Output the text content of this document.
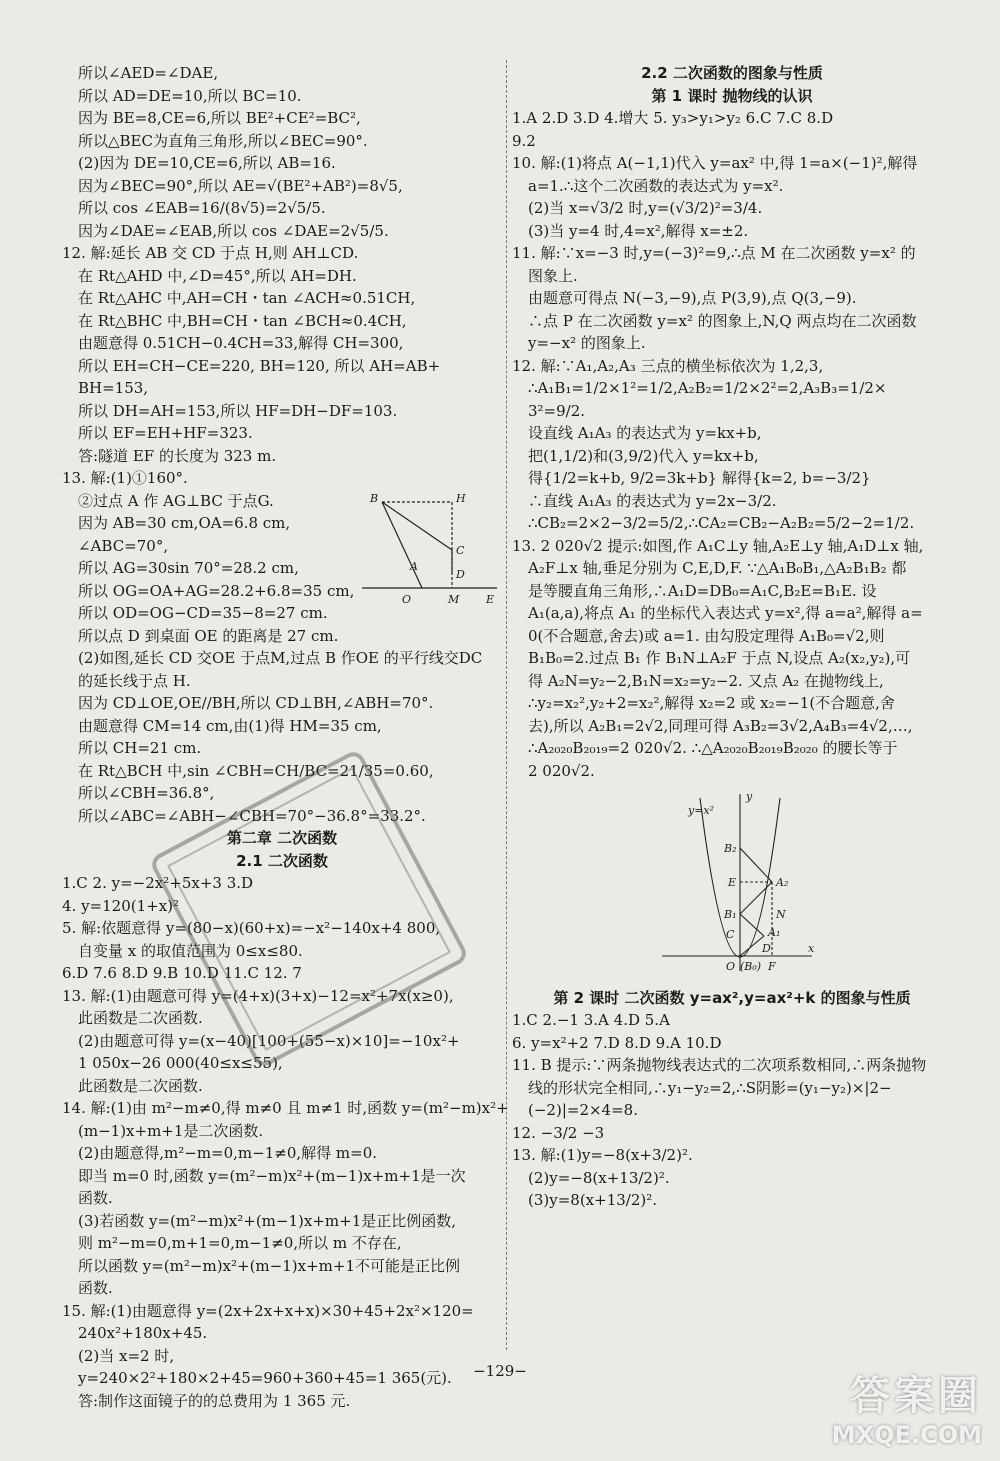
所以∠AED=∠DAE,
所以 AD=DE=10,所以 BC=10.
因为 BE=8,CE=6,所以 BE²+CE²=BC²,
所以△BEC为直角三角形,所以∠BEC=90°.
(2)因为 DE=10,CE=6,所以 AB=16.
因为∠BEC=90°,所以 AE=√(BE²+AB²)=8√5,
所以 cos ∠EAB=16/(8√5)=2√5/5.
因为∠DAE=∠EAB,所以 cos ∠DAE=2√5/5.
12. 解:延长 AB 交 CD 于点 H,则 AH⊥CD.
在 Rt△AHD 中,∠D=45°,所以 AH=DH.
在 Rt△AHC 中,AH=CH・tan ∠ACH≈0.51CH,
在 Rt△BHC 中,BH=CH・tan ∠BCH≈0.4CH,
由题意得 0.51CH−0.4CH=33,解得 CH=300,
所以 EH=CH−CE=220, BH=120, 所以 AH=AB+
BH=153,
所以 DH=AH=153,所以 HF=DH−DF=103.
所以 EF=EH+HF=323.
答:隧道 EF 的长度为 323 m.
13. 解:(1)①160°.
②过点 A 作 AG⊥BC 于点G.
因为 AB=30 cm,OA=6.8 cm,
∠ABC=70°,
所以 AG=30sin 70°=28.2 cm,
所以 OG=OA+AG=28.2+6.8=35 cm,
所以 OD=OG−CD=35−8=27 cm.
所以点 D 到桌面 OE 的距离是 27 cm.
(2)如图,延长 CD 交OE 于点M,过点 B 作OE 的平行线交DC
的延长线于点 H.
因为 CD⊥OE,OE//BH,所以 CD⊥BH,∠ABH=70°.
由题意得 CM=14 cm,由(1)得 HM=35 cm,
所以 CH=21 cm.
在 Rt△BCH 中,sin ∠CBH=CH/BC=21/35=0.60,
所以∠CBH=36.8°,
所以∠ABC=∠ABH−∠CBH=70°−36.8°=33.2°.
第二章 二次函数
2.1 二次函数
1.C 2. y=−2x²+5x+3 3.D
4. y=120(1+x)²
5. 解:依题意得 y=(80−x)(60+x)=−x²−140x+4 800,
自变量 x 的取值范围为 0≤x≤80.
6.D 7.6 8.D 9.B 10.D 11.C 12. 7
13. 解:(1)由题意可得 y=(4+x)(3+x)−12=x²+7x(x≥0),
此函数是二次函数.
(2)由题意可得 y=(x−40)[100+(55−x)×10]=−10x²+
1 050x−26 000(40≤x≤55),
此函数是二次函数.
14. 解:(1)由 m²−m≠0,得 m≠0 且 m≠1 时,函数 y=(m²−m)x²+
(m−1)x+m+1是二次函数.
(2)由题意得,m²−m=0,m−1≠0,解得 m=0.
即当 m=0 时,函数 y=(m²−m)x²+(m−1)x+m+1是一次
函数.
(3)若函数 y=(m²−m)x²+(m−1)x+m+1是正比例函数,
则 m²−m=0,m+1=0,m−1≠0,所以 m 不存在,
所以函数 y=(m²−m)x²+(m−1)x+m+1不可能是正比例
函数.
15. 解:(1)由题意得 y=(2x+2x+x+x)×30+45+2x²×120=
240x²+180x+45.
(2)当 x=2 时,
y=240×2²+180×2+45=960+360+45=1 365(元).
答:制作这面镜子的的总费用为 1 365 元.
2.2 二次函数的图象与性质
第 1 课时 抛物线的认识
1.A 2.D 3.D 4.增大 5. y₃>y₁>y₂ 6.C 7.C 8.D
9.2
10. 解:(1)将点 A(−1,1)代入 y=ax² 中,得 1=a×(−1)²,解得
a=1.∴这个二次函数的表达式为 y=x².
(2)当 x=√3/2 时,y=(√3/2)²=3/4.
(3)当 y=4 时,4=x²,解得 x=±2.
11. 解:∵x=−3 时,y=(−3)²=9,∴点 M 在二次函数 y=x² 的
图象上.
由题意可得点 N(−3,−9),点 P(3,9),点 Q(3,−9).
∴点 P 在二次函数 y=x² 的图象上,N,Q 两点均在二次函数
y=−x² 的图象上.
12. 解:∵A₁,A₂,A₃ 三点的横坐标依次为 1,2,3,
∴A₁B₁=1/2×1²=1/2,A₂B₂=1/2×2²=2,A₃B₃=1/2×
3²=9/2.
设直线 A₁A₃ 的表达式为 y=kx+b,
把(1,1/2)和(3,9/2)代入 y=kx+b,
得{1/2=k+b, 9/2=3k+b} 解得{k=2, b=−3/2}
∴直线 A₁A₃ 的表达式为 y=2x−3/2.
∴CB₂=2×2−3/2=5/2,∴CA₂=CB₂−A₂B₂=5/2−2=1/2.
13. 2 020√2 提示:如图,作 A₁C⊥y 轴,A₂E⊥y 轴,A₁D⊥x 轴,
A₂F⊥x 轴,垂足分别为 C,E,D,F. ∵△A₁B₀B₁,△A₂B₁B₂ 都
是等腰直角三角形,∴A₁D=DB₀=A₁C,B₂E=B₁E. 设
A₁(a,a),将点 A₁ 的坐标代入表达式 y=x²,得 a=a²,解得 a=
0(不合题意,舍去)或 a=1. 由勾股定理得 A₁B₀=√2,则
B₁B₀=2.过点 B₁ 作 B₁N⊥A₂F 于点 N,设点 A₂(x₂,y₂),可
得 A₂N=y₂−2,B₁N=x₂=y₂−2. 又点 A₂ 在抛物线上,
∴y₂=x₂²,y₂+2=x₂²,解得 x₂=2 或 x₂=−1(不合题意,舍
去),所以 A₂B₁=2√2,同理可得 A₃B₂=3√2,A₄B₃=4√2,…,
∴A₂₀₂₀B₂₀₁₉=2 020√2. ∴△A₂₀₂₀B₂₀₁₉B₂₀₂₀ 的腰长等于
2 020√2.
y
y=x²
B₂
E	A₂
B₁	N
C	A₁
D
O (B₀) F
x
第 2 课时 二次函数 y=ax²,y=ax²+k 的图象与性质
1.C 2.−1 3.A 4.D 5.A
6. y=x²+2 7.D 8.D 9.A 10.D
11. B 提示:∵两条抛物线表达式的二次项系数相同,∴两条抛物
线的形状完全相同,∴y₁−y₂=2,∴S阴影=(y₁−y₂)×|2−
(−2)|=2×4=8.
12. −3/2 −3
13. 解:(1)y=−8(x+3/2)².
(2)y=−8(x+13/2)².
(3)y=8(x+13/2)².
B	H
C
A
D
O	M E
−129−
答案圈
MXQE.COM
